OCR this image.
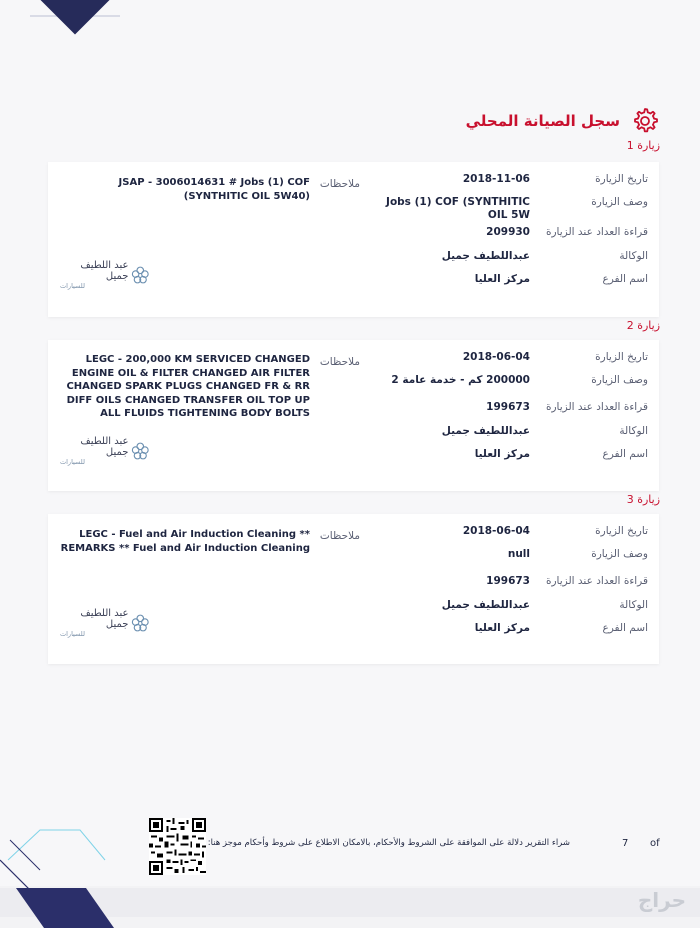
سجل الصيانة المحلي
زيارة 1
تاريخ الزيارة
2018-11-06
وصف الزيارة
Jobs (1) COF (SYNTHITIC OIL 5W
قراءة العداد عند الزيارة
209930
الوكالة
عبداللطيف جميل
اسم الفرع
مركز العليا
ملاحظات
JSAP - 3006014631 # Jobs (1) COF (SYNTHITIC OIL 5W40)
عبد اللطيف جميل
للسيارات
زيارة 2
تاريخ الزيارة
2018-06-04
وصف الزيارة
200000 كم - خدمة عامة 2
قراءة العداد عند الزيارة
199673
الوكالة
عبداللطيف جميل
اسم الفرع
مركز العليا
ملاحظات
LEGC - 200,000 KM SERVICED CHANGED ENGINE OIL & FILTER CHANGED AIR FILTER CHANGED SPARK PLUGS CHANGED FR & RR DIFF OILS CHANGED TRANSFER OIL TOP UP ALL FLUIDS TIGHTENING BODY BOLTS
عبد اللطيف جميل
للسيارات
زيارة 3
تاريخ الزيارة
2018-06-04
وصف الزيارة
null
قراءة العداد عند الزيارة
199673
الوكالة
عبداللطيف جميل
اسم الفرع
مركز العليا
ملاحظات
LEGC - Fuel and Air Induction Cleaning ** REMARKS ** Fuel and Air Induction Cleaning
عبد اللطيف جميل
للسيارات
شراء التقرير دلالة على الموافقة على الشروط والأحكام، بالامكان الاطلاع على شروط وأحكام موجز هنا:	7 of
حراج
